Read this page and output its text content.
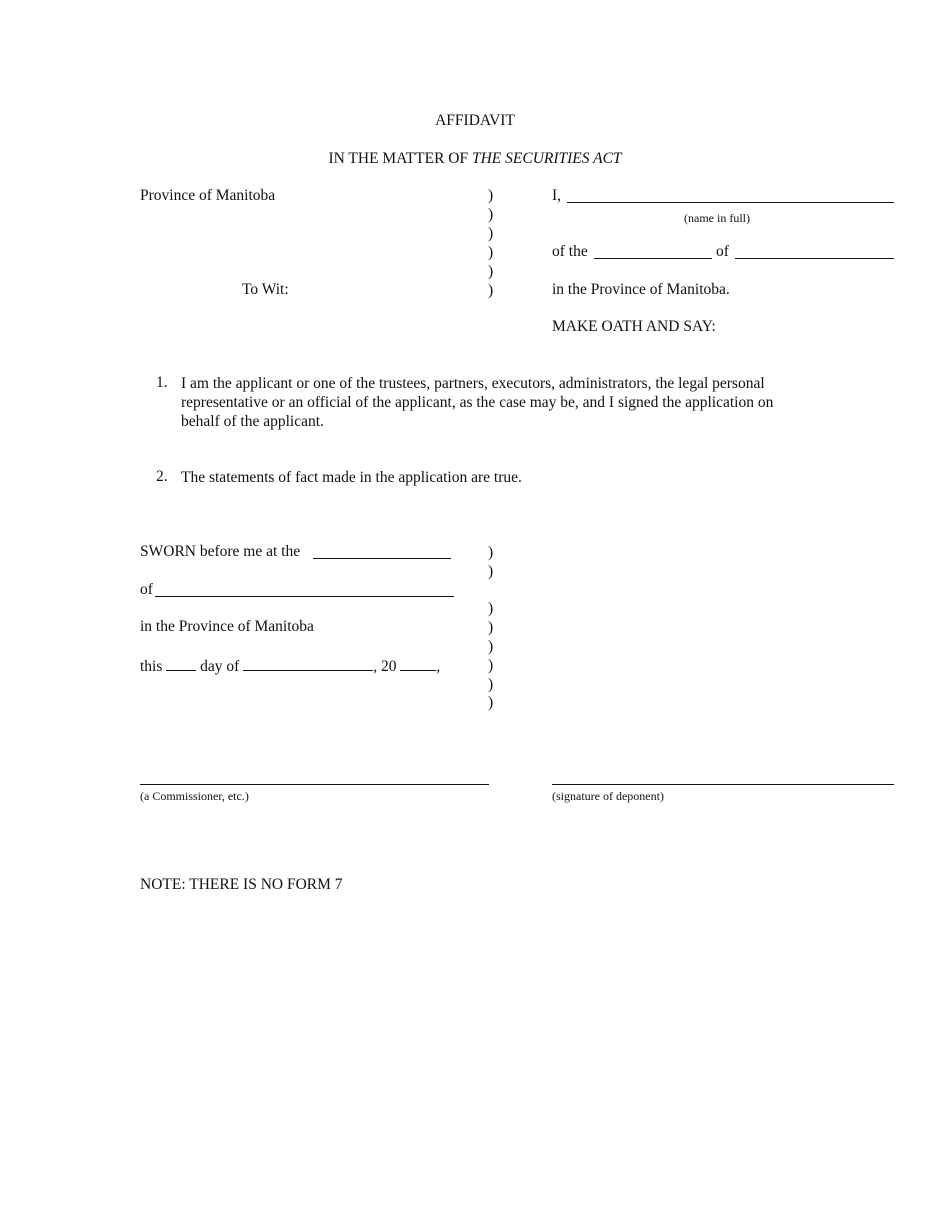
AFFIDAVIT
IN THE MATTER OF THE SECURITIES ACT
Province of Manitoba
To Wit:
)
)
)
)
)
)
I,
(name in full)
of the	of
in the Province of Manitoba.
MAKE OATH AND SAY:
1. I am the applicant or one of the trustees, partners, executors, administrators, the legal personal representative or an official of the applicant, as the case may be, and I signed the application on behalf of the applicant.
2. The statements of fact made in the application are true.
SWORN before me at the
of
in the Province of Manitoba
this day of	, 20	,
)
)
)
)
)
)
)
)
(a Commissioner, etc.)	(signature of deponent)
NOTE: THERE IS NO FORM 7
